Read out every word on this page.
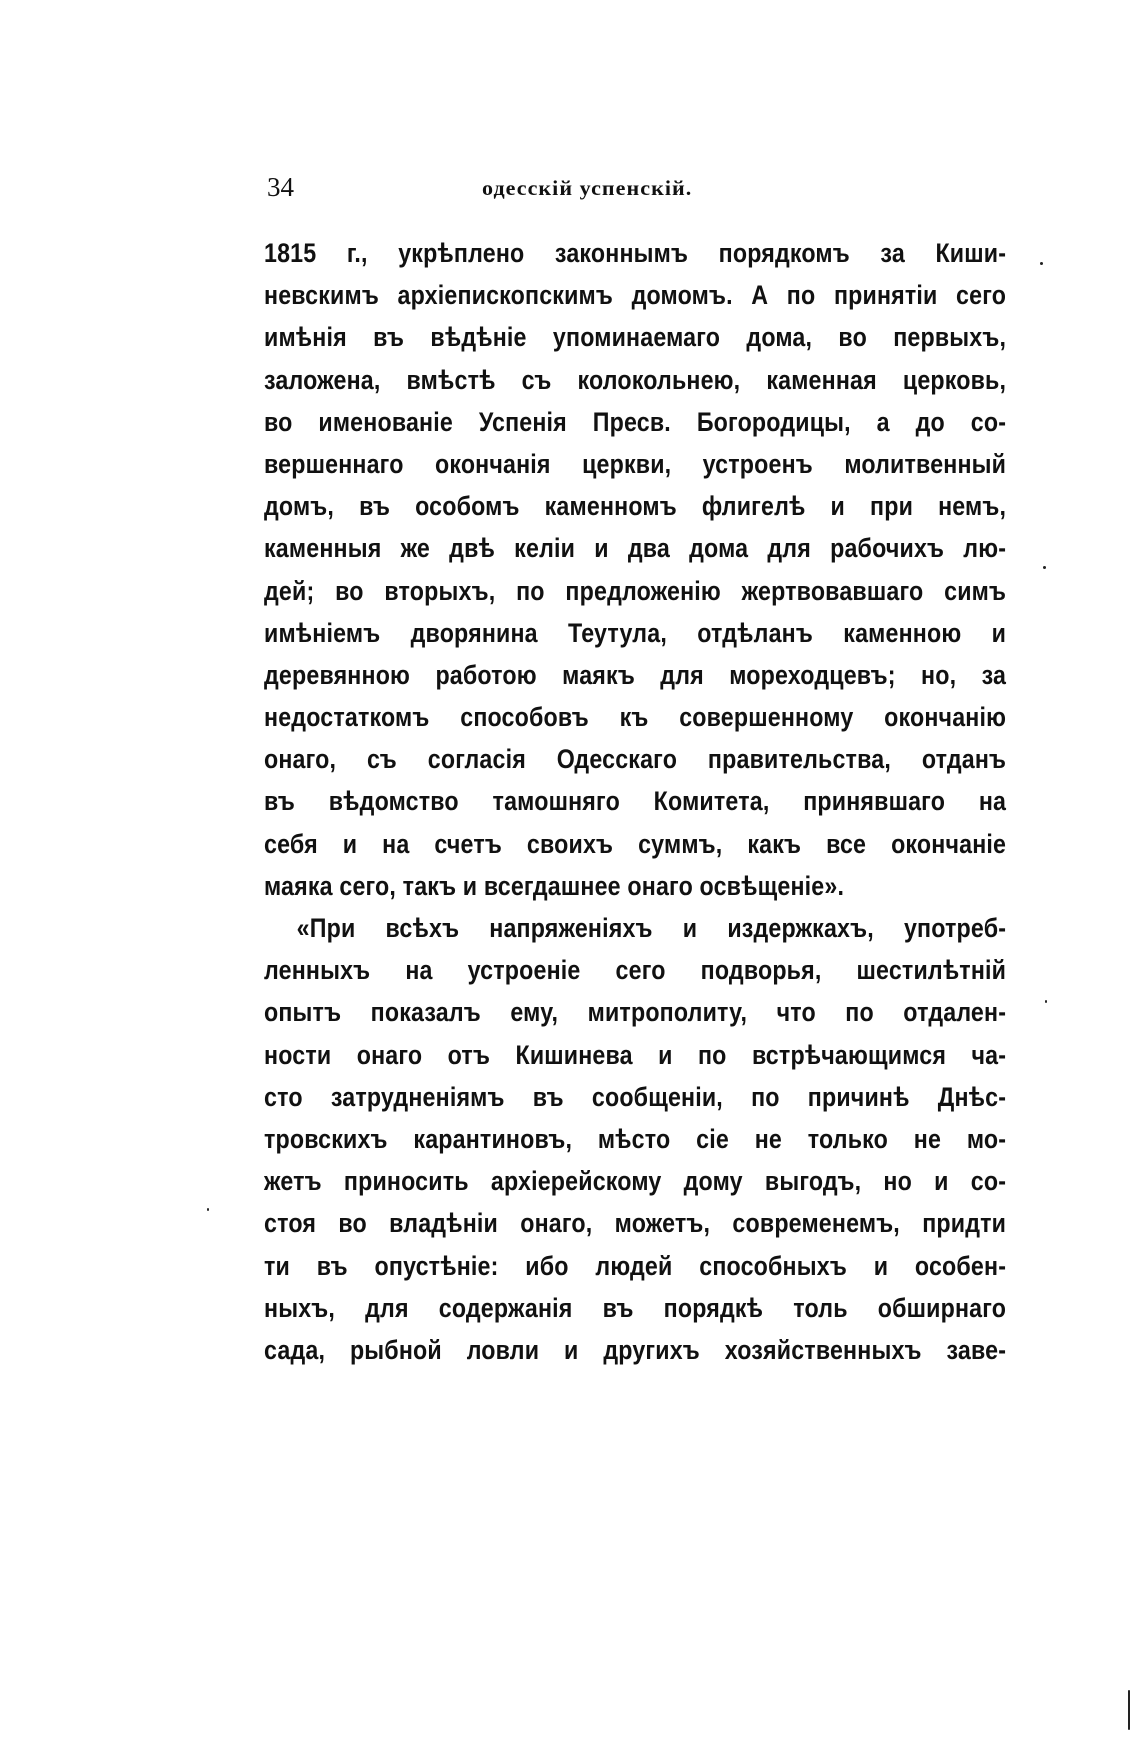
34	одесскій успенскій.
1815 г., укрѣплено законнымъ порядкомъ за Киши-
невскимъ архіепископскимъ домомъ. А по принятіи сего
имѣнія въ вѣдѣніе упоминаемаго дома, во первыхъ,
заложена, вмѣстѣ съ колокольнею, каменная церковь,
во именованіе Успенія Пресв. Богородицы, а до со-
вершеннаго окончанія церкви, устроенъ молитвенный
домъ, въ особомъ каменномъ флигелѣ и при немъ,
каменныя же двѣ келіи и два дома для рабочихъ лю-
дей; во вторыхъ, по предложенію жертвовавшаго симъ
имѣніемъ дворянина Теутула, отдѣланъ каменною и
деревянною работою маякъ для мореходцевъ; но, за
недостаткомъ способовъ къ совершенному окончанію
онаго, съ согласія Одесскаго правительства, отданъ
въ вѣдомство тамошняго Комитета, принявшаго на
себя и на счетъ своихъ суммъ, какъ все окончаніе
маяка сего, такъ и всегдашнее онаго освѣщеніе».
«При всѣхъ напряженіяхъ и издержкахъ, употреб-
ленныхъ на устроеніе сего подворья, шестилѣтній
опытъ показалъ ему, митрополиту, что по отдален-
ности онаго отъ Кишинева и по встрѣчающимся ча-
сто затрудненіямъ въ сообщеніи, по причинѣ Днѣс-
тровскихъ карантиновъ, мѣсто сіе не только не мо-
жетъ приносить архіерейскому дому выгодъ, но и со-
стоя во владѣніи онаго, можетъ, современемъ, придти
ти въ опустѣніе: ибо людей способныхъ и особен-
ныхъ, для содержанія въ порядкѣ толь обширнаго
сада, рыбной ловли и другихъ хозяйственныхъ заве-
